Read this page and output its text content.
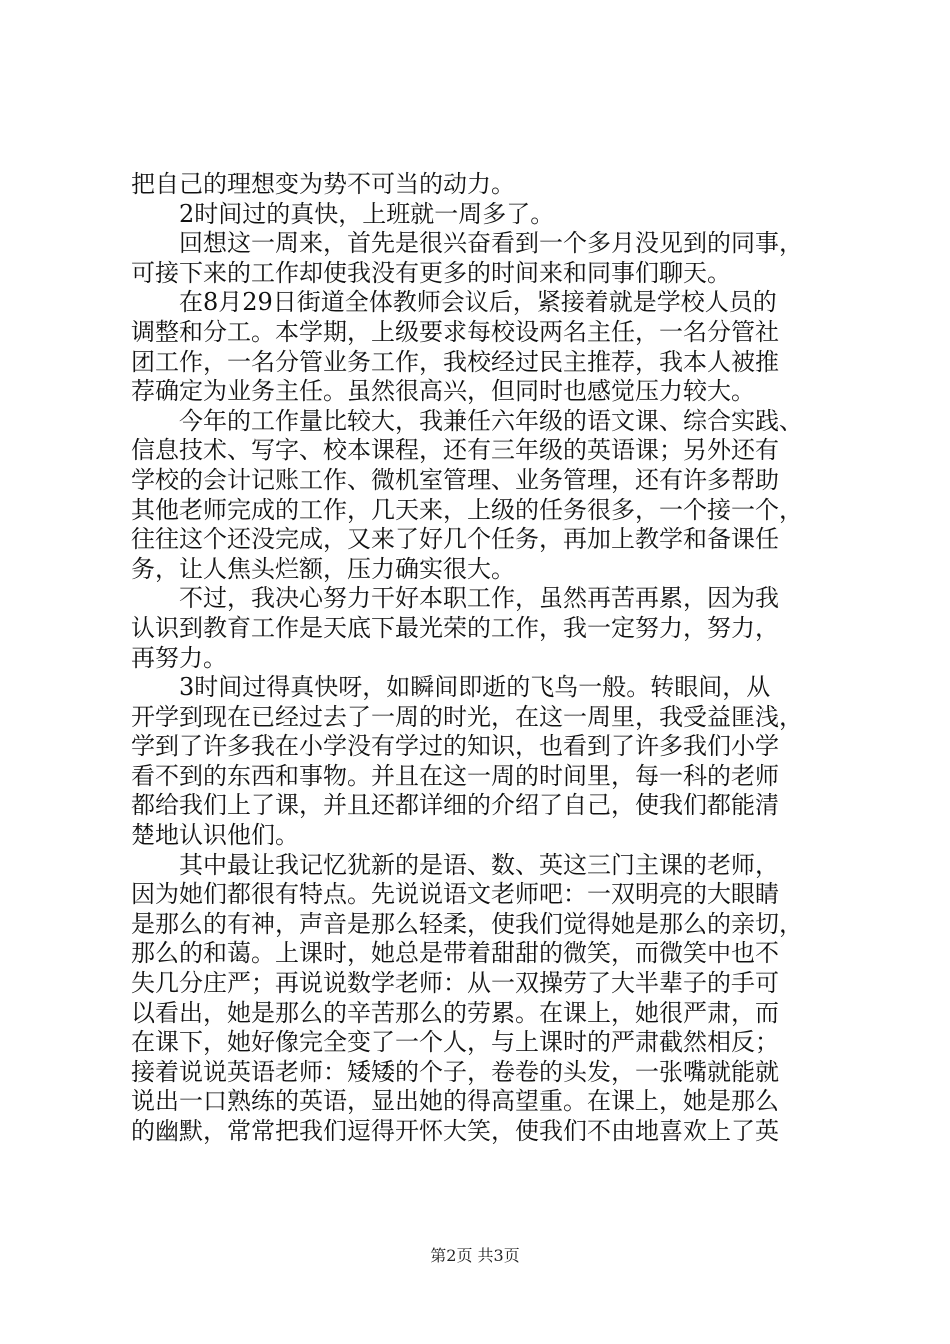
把自己的理想变为势不可当的动力。
2时间过的真快，上班就一周多了。
回想这一周来，首先是很兴奋看到一个多月没见到的同事，
可接下来的工作却使我没有更多的时间来和同事们聊天。
在8月29日街道全体教师会议后，紧接着就是学校人员的
调整和分工。本学期，上级要求每校设两名主任，一名分管社
团工作，一名分管业务工作，我校经过民主推荐，我本人被推
荐确定为业务主任。虽然很高兴，但同时也感觉压力较大。
今年的工作量比较大，我兼任六年级的语文课、综合实践、
信息技术、写字、校本课程，还有三年级的英语课；另外还有
学校的会计记账工作、微机室管理、业务管理，还有许多帮助
其他老师完成的工作，几天来，上级的任务很多，一个接一个，
往往这个还没完成，又来了好几个任务，再加上教学和备课任
务，让人焦头烂额，压力确实很大。
不过，我决心努力干好本职工作，虽然再苦再累，因为我
认识到教育工作是天底下最光荣的工作，我一定努力，努力，
再努力。
3时间过得真快呀，如瞬间即逝的飞鸟一般。转眼间，从
开学到现在已经过去了一周的时光，在这一周里，我受益匪浅，
学到了许多我在小学没有学过的知识，也看到了许多我们小学
看不到的东西和事物。并且在这一周的时间里，每一科的老师
都给我们上了课，并且还都详细的介绍了自己，使我们都能清
楚地认识他们。
其中最让我记忆犹新的是语、数、英这三门主课的老师，
因为她们都很有特点。先说说语文老师吧：一双明亮的大眼睛
是那么的有神，声音是那么轻柔，使我们觉得她是那么的亲切，
那么的和蔼。上课时，她总是带着甜甜的微笑，而微笑中也不
失几分庄严；再说说数学老师：从一双操劳了大半辈子的手可
以看出，她是那么的辛苦那么的劳累。在课上，她很严肃，而
在课下，她好像完全变了一个人，与上课时的严肃截然相反；
接着说说英语老师：矮矮的个子，卷卷的头发，一张嘴就能就
说出一口熟练的英语，显出她的得高望重。在课上，她是那么
的幽默，常常把我们逗得开怀大笑，使我们不由地喜欢上了英
第2页 共3页
